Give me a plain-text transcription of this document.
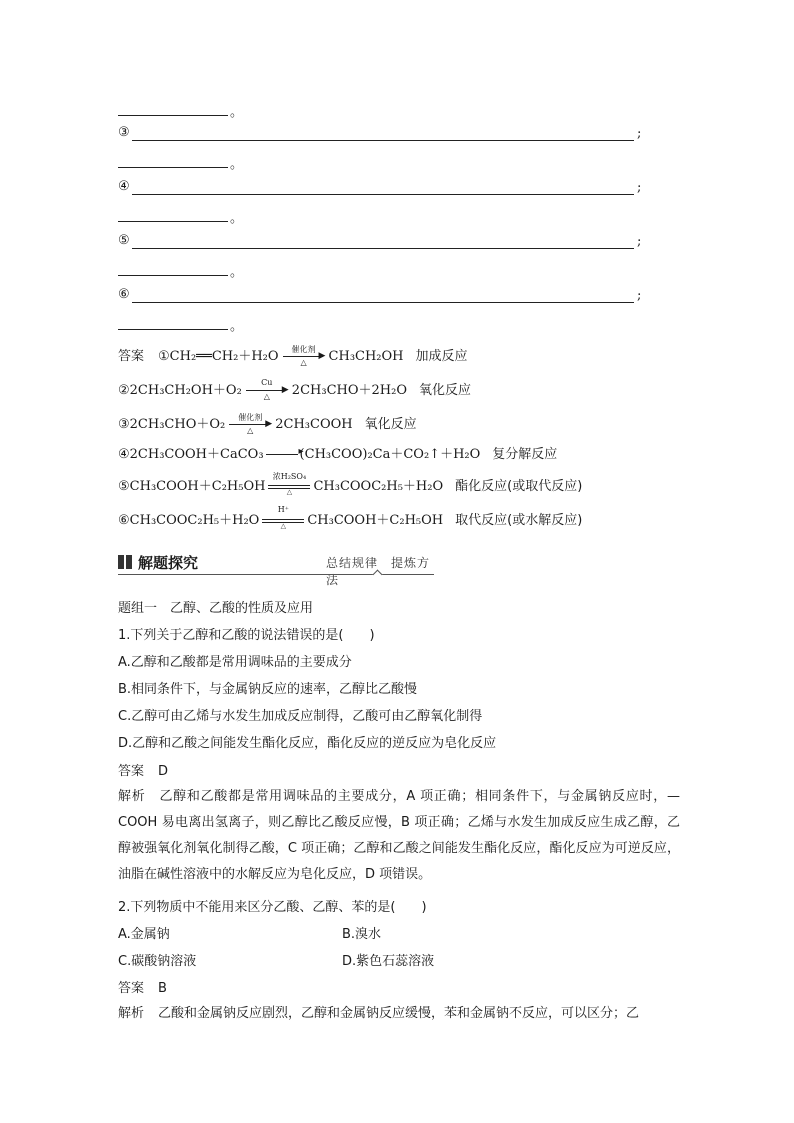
。
③	;
。
④	;
。
⑤	;
。
⑥	;
。
答案 ①CH₂══CH₂＋H₂O	催化剂
▶
△	CH₃CH₂OH 加成反应
②2CH₃CH₂OH＋O₂
Cu
▶
△	2CH₃CHO＋2H₂O 氧化反应
③2CH₃CHO＋O₂	催化剂
▶
△	2CH₃COOH 氧化反应
④2CH₃COOH＋CaCO₃ ▸	(CH₃COO)₂Ca＋CO₂↑＋H₂O 复分解反应
⑤CH₃COOH＋C₂H₅OH
浓H₂SO₄
△	CH₃COOC₂H₅＋H₂O 酯化反应(或取代反应)
⑥CH₃COOC₂H₅＋H₂O
H⁺
△	CH₃COOH＋C₂H₅OH 取代反应(或水解反应)
解题探究	总结规律　提炼方法
题组一　乙醇、乙酸的性质及应用
1.下列关于乙醇和乙酸的说法错误的是(　　)
A.乙醇和乙酸都是常用调味品的主要成分
B.相同条件下，与金属钠反应的速率，乙醇比乙酸慢
C.乙醇可由乙烯与水发生加成反应制得，乙酸可由乙醇氧化制得
D.乙醇和乙酸之间能发生酯化反应，酯化反应的逆反应为皂化反应
答案 D
解析 乙醇和乙酸都是常用调味品的主要成分，A 项正确；相同条件下，与金属钠反应时，—COOH 易电离出氢离子，则乙醇比乙酸反应慢，B 项正确；乙烯与水发生加成反应生成乙醇，乙醇被强氧化剂氧化制得乙酸，C 项正确；乙醇和乙酸之间能发生酯化反应，酯化反应为可逆反应，油脂在碱性溶液中的水解反应为皂化反应，D 项错误。
2.下列物质中不能用来区分乙酸、乙醇、苯的是(　　)
A.金属钠	B.溴水
C.碳酸钠溶液	D.紫色石蕊溶液
答案 B
解析 乙酸和金属钠反应剧烈，乙醇和金属钠反应缓慢，苯和金属钠不反应，可以区分；乙
